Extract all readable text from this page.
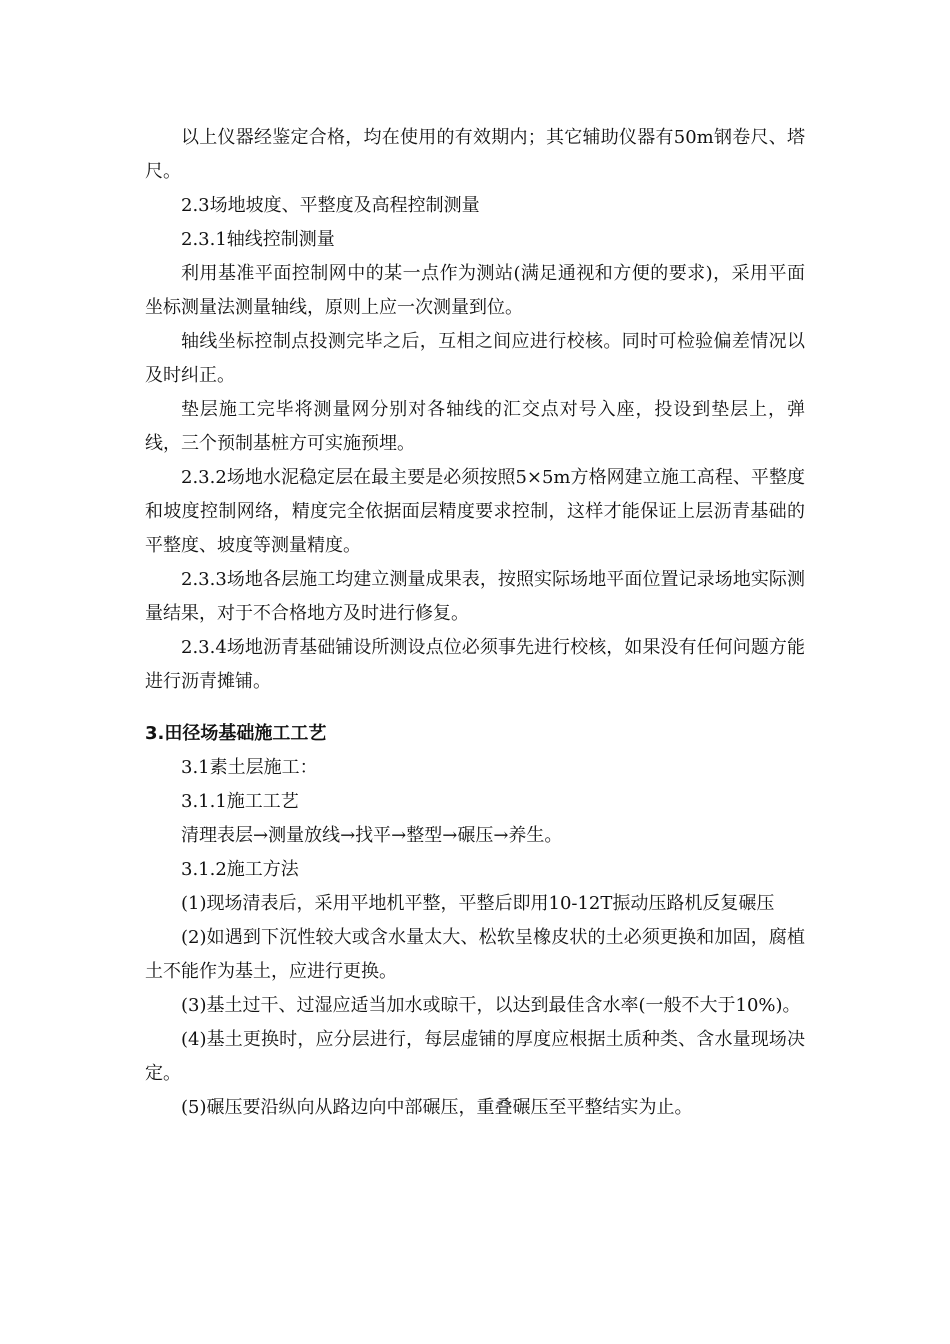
以上仪器经鉴定合格，均在使用的有效期内；其它辅助仪器有50m钢卷尺、塔尺。

2.3场地坡度、平整度及高程控制测量

2.3.1轴线控制测量

利用基准平面控制网中的某一点作为测站(满足通视和方便的要求)，采用平面坐标测量法测量轴线，原则上应一次测量到位。

轴线坐标控制点投测完毕之后，互相之间应进行校核。同时可检验偏差情况以及时纠正。

垫层施工完毕将测量网分别对各轴线的汇交点对号入座，投设到垫层上，弹线，三个预制基桩方可实施预埋。

2.3.2场地水泥稳定层在最主要是必须按照5×5m方格网建立施工高程、平整度和坡度控制网络，精度完全依据面层精度要求控制，这样才能保证上层沥青基础的平整度、坡度等测量精度。

2.3.3场地各层施工均建立测量成果表，按照实际场地平面位置记录场地实际测量结果，对于不合格地方及时进行修复。

2.3.4场地沥青基础铺设所测设点位必须事先进行校核，如果没有任何问题方能进行沥青摊铺。

3.田径场基础施工工艺

3.1素土层施工：

3.1.1施工工艺

清理表层→测量放线→找平→整型→碾压→养生。

3.1.2施工方法

(1)现场清表后，采用平地机平整，平整后即用10-12T振动压路机反复碾压

(2)如遇到下沉性较大或含水量太大、松软呈橡皮状的土必须更换和加固，腐植土不能作为基土，应进行更换。

(3)基土过干、过湿应适当加水或晾干，以达到最佳含水率(一般不大于10%)。

(4)基土更换时，应分层进行，每层虚铺的厚度应根据土质种类、含水量现场决定。

(5)碾压要沿纵向从路边向中部碾压，重叠碾压至平整结实为止。
